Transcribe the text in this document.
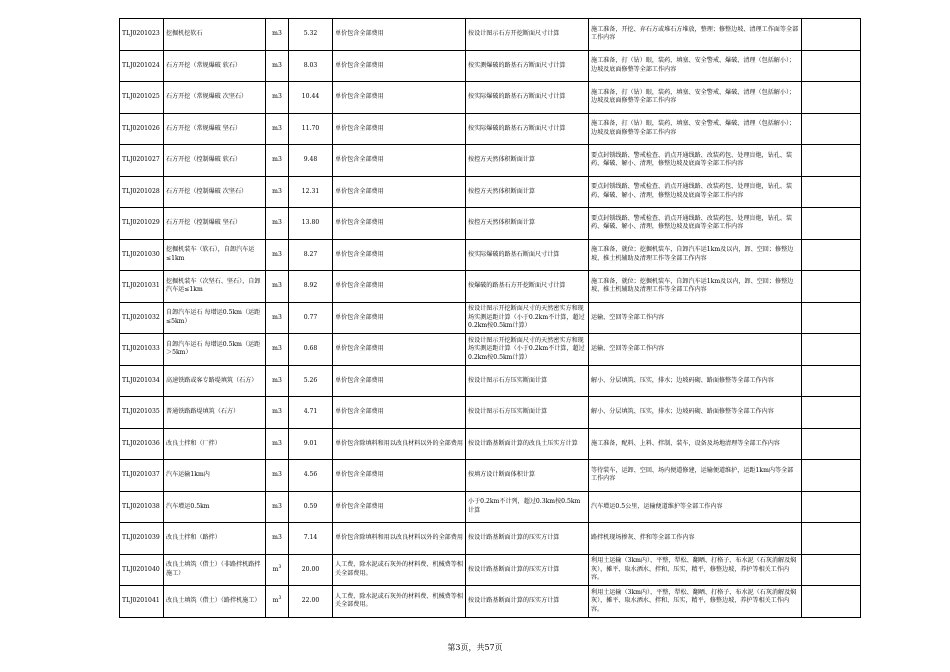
TLJ0201023	挖掘机挖软石	m3	5.32	单价包含全部费用	按设计图示石方开挖断面尺寸计算	施工准备，开挖、弃石方或堆石方堆放，整理；修整边坡、清理工作面等全部工作内容	
TLJ0201024	石方开挖（常规爆破 软石）	m3	8.03	单价包含全部费用	按实测爆破的路基石方断面尺寸计算	施工准备，打（钻）眼，装药、填塞、安全警戒、爆破、清理（包括解小）；边坡及底面修整等全部工作内容	
TLJ0201025	石方开挖（常规爆破 次坚石）	m3	10.44	单价包含全部费用	按实际爆破的路基石方断面尺寸计算	施工准备，打（钻）眼，装药、填塞、安全警戒、爆破、清理（包括解小）；边坡及底面修整等全部工作内容	
TLJ0201026	石方开挖（常规爆破 坚石）	m3	11.70	单价包含全部费用	按实际爆破的路基石方断面尺寸计算	施工准备，打（钻）眼，装药、填塞、安全警戒、爆破、清理（包括解小）；边坡及底面修整等全部工作内容	
TLJ0201027	石方开挖（控制爆破 软石）	m3	9.48	单价包含全部费用	按控方天然体积断面计算	要点封锁线路、警戒检查、消点开通线路、改装药包、处理盲炮，钻孔、装药、爆破、解小、清理，修整边坡及底面等全部工作内容	
TLJ0201028	石方开挖（控制爆破 次坚石）	m3	12.31	单价包含全部费用	按控方天然体积断面计算	要点封锁线路、警戒检查、消点开通线路、改装药包、处理盲炮，钻孔、装药、爆破、解小、清理，修整边坡及底面等全部工作内容	
TLJ0201029	石方开挖（控制爆破 坚石）	m3	13.80	单价包含全部费用	按控方天然体积断面计算	要点封锁线路、警戒检查、消点开通线路、改装药包、处理盲炮，钻孔、装药、爆破、解小、清理，修整边坡及底面等全部工作内容	
TLJ0201030	挖掘机装车（软石），自卸汽车运≤1km	m3	8.27	单价包含全部费用	按实际爆破的路基石断面尺寸计算	施工准备，就位；挖掘机装车，自卸汽车运1km及以内，卸、空回；修整边坡、推土机辅助及清理工作等全部工作内容	
TLJ0201031	挖掘机装车（次坚石、坚石），自卸汽车运≤1km	m3	8.92	单价包含全部费用	按爆破的路基石方开挖断面尺寸计算	施工准备，就位；挖掘机装车，自卸汽车运1km及以内，卸、空回；修整边坡、推土机辅助及清理工作等全部工作内容	
TLJ0201032	自卸汽车运石 每增运0.5km（运距≤5km）	m3	0.77	单价包含全部费用	按设计图示开挖断面尺寸的天然密实方和现场实测运距计算（小于0.2km不计算，超过0.2km按0.5km计算）	运输、空回等全部工作内容	
TLJ0201033	自卸汽车运石 每增运0.5km（运距＞5km）	m3	0.68	单价包含全部费用	按设计图示开挖断面尺寸的天然密实方和现场实测运距计算（小于0.2km不计算，超过0.2km按0.5km计算）	运输、空回等全部工作内容	
TLJ0201034	高速铁路或客专路堤填筑（石方）	m3	5.26	单价包含全部费用	按设计图示石方压实断面计算	解小、分层填筑、压实，排水；边坡码砌、路面修整等全部工作内容	
TLJ0201035	普通铁路路堤填筑（石方）	m3	4.71	单价包含全部费用	按设计图示石方压实断面计算	解小、分层填筑、压实，排水；边坡码砌、路面修整等全部工作内容	
TLJ0201036	改良土拌和（厂拌）	m3	9.01	单价包含除填料和用以改良材料以外的全部费用	按设计路基断面计算的改良土压实方计算	施工准备，配料、上料、拌制、装车，设备及场地清理等全部工作内容	
TLJ0201037	汽车运输1km内	m3	4.56	单价包含全部费用	按填方设计断面体积计算	等待装车，运卸、空回、场内便道修建，运输便道维护，运距1km内等全部工作内容	
TLJ0201038	汽车增运0.5km	m3	0.59	单价包含全部费用	小于0.2km不计列，超过0.3km按0.5km计算	汽车增运0.5公里，运输便道维护等全部工作内容	
TLJ0201039	改良土拌和（路拌）	m3	7.14	单价包含除填料和用以改良材料以外的全部费用	按设计路基断面计算的压实方计算	路拌机现场掺灰、拌和等全部工作内容	
TLJ0201040	改良土填筑（借土）（非路拌机路拌施工）	$m^3$	20.00	人工费、除水泥或石灰外的材料费、机械费等相关全部费用。	按设计路基断面计算的压实方计算	利用土运输（3km内）、平整，犁松、翻晒、打格子、布水泥（石灰消解及焖灰），摊平、取水洒水、拌和、压实，精平，修整边坡，养护等相关工作内容。	
TLJ0201041	改良土填筑（借土）（路拌机施工）	$m^3$	22.00	人工费、除水泥或石灰外的材料费、机械费等相关全部费用。	按设计路基断面计算的压实方计算	利用土运输（3km内）、平整，犁松、翻晒、打格子、布水泥（石灰消解及焖灰），摊平、取水洒水、拌和、压实，精平，修整边坡，养护等相关工作内容。	
第3页，共57页
